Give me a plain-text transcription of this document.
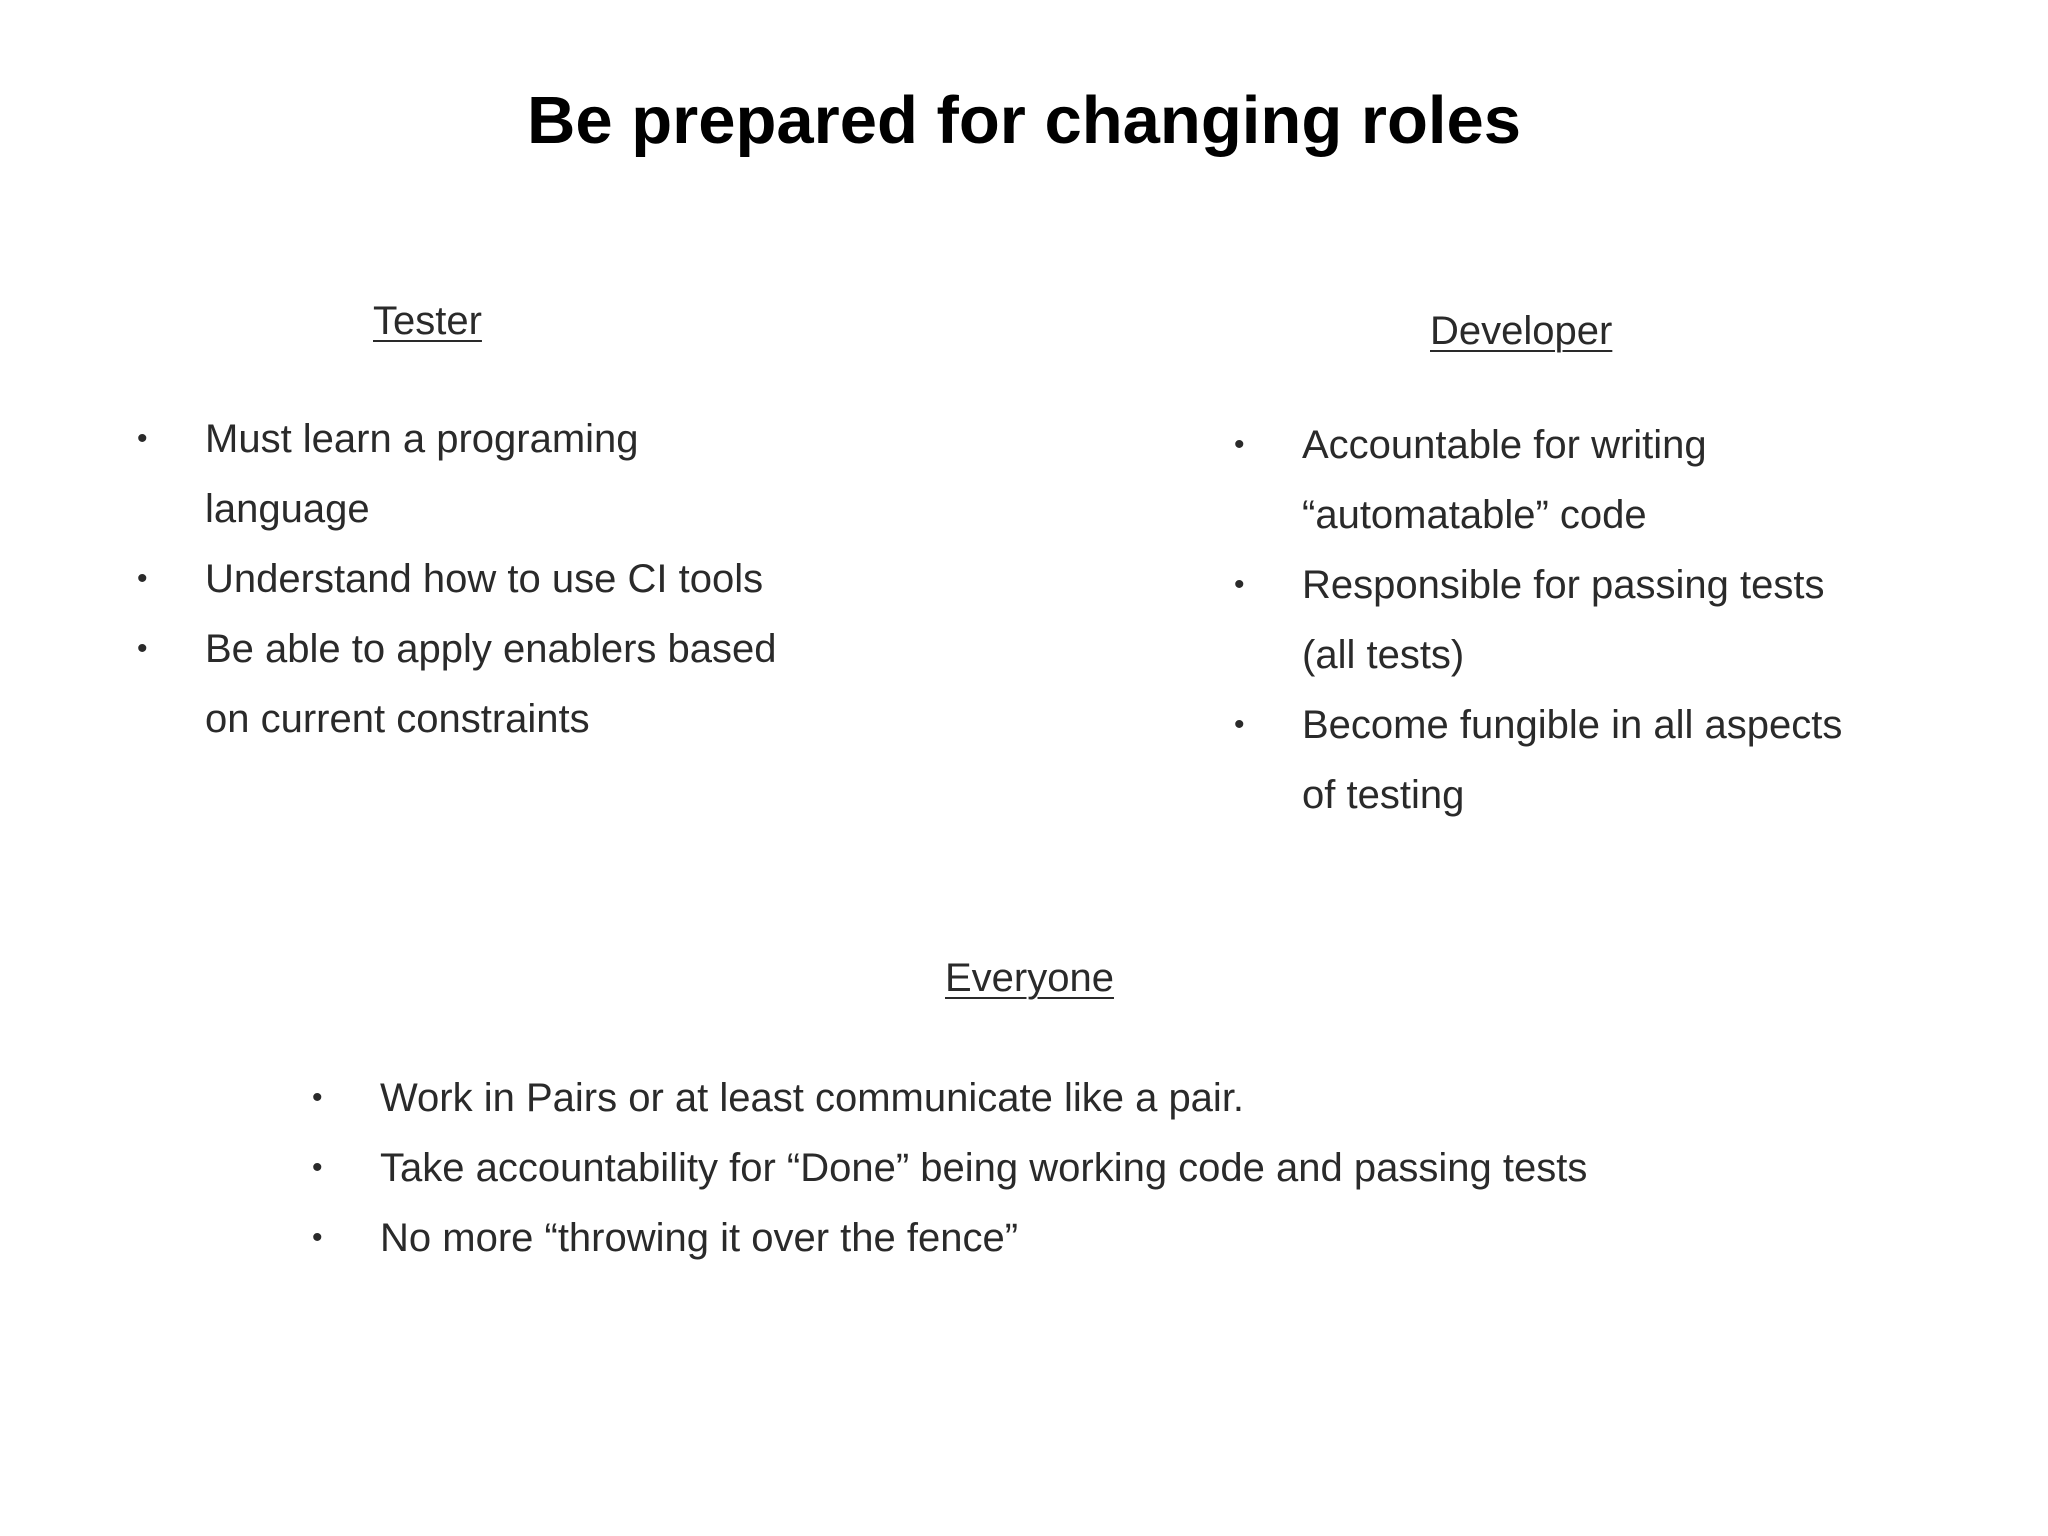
Be prepared for changing roles
Tester
• Must learn a programing language
• Understand how to use CI tools
• Be able to apply enablers based on current constraints
Developer
• Accountable for writing “automatable” code
• Responsible for passing tests (all tests)
• Become fungible in all aspects of testing
Everyone
• Work in Pairs or at least communicate like a pair.
• Take accountability for “Done” being working code and passing tests
• No more “throwing it over the fence”
